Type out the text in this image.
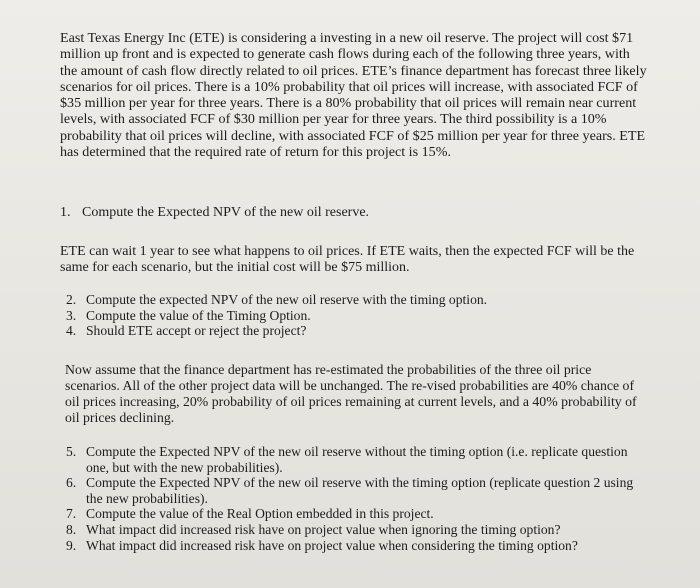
East Texas Energy Inc (ETE) is considering a investing in a new oil reserve. The project will cost $71 million up front and is expected to generate cash flows during each of the following three years, with the amount of cash flow directly related to oil prices. ETE’s finance department has forecast three likely scenarios for oil prices. There is a 10% probability that oil prices will increase, with associated FCF of $35 million per year for three years. There is a 80% probability that oil prices will remain near current levels, with associated FCF of $30 million per year for three years. The third possibility is a 10% probability that oil prices will decline, with associated FCF of $25 million per year for three years. ETE has determined that the required rate of return for this project is 15%.

1. Compute the Expected NPV of the new oil reserve.

ETE can wait 1 year to see what happens to oil prices. If ETE waits, then the expected FCF will be the same for each scenario, but the initial cost will be $75 million.

2. Compute the expected NPV of the new oil reserve with the timing option.
3. Compute the value of the Timing Option.
4. Should ETE accept or reject the project?

Now assume that the finance department has re-estimated the probabilities of the three oil price scenarios. All of the other project data will be unchanged. The re-vised probabilities are 40% chance of oil prices increasing, 20% probability of oil prices remaining at current levels, and a 40% probability of oil prices declining.

5. Compute the Expected NPV of the new oil reserve without the timing option (i.e. replicate question one, but with the new probabilities).
6. Compute the Expected NPV of the new oil reserve with the timing option (replicate question 2 using the new probabilities).
7. Compute the value of the Real Option embedded in this project.
8. What impact did increased risk have on project value when ignoring the timing option?
9. What impact did increased risk have on project value when considering the timing option?
